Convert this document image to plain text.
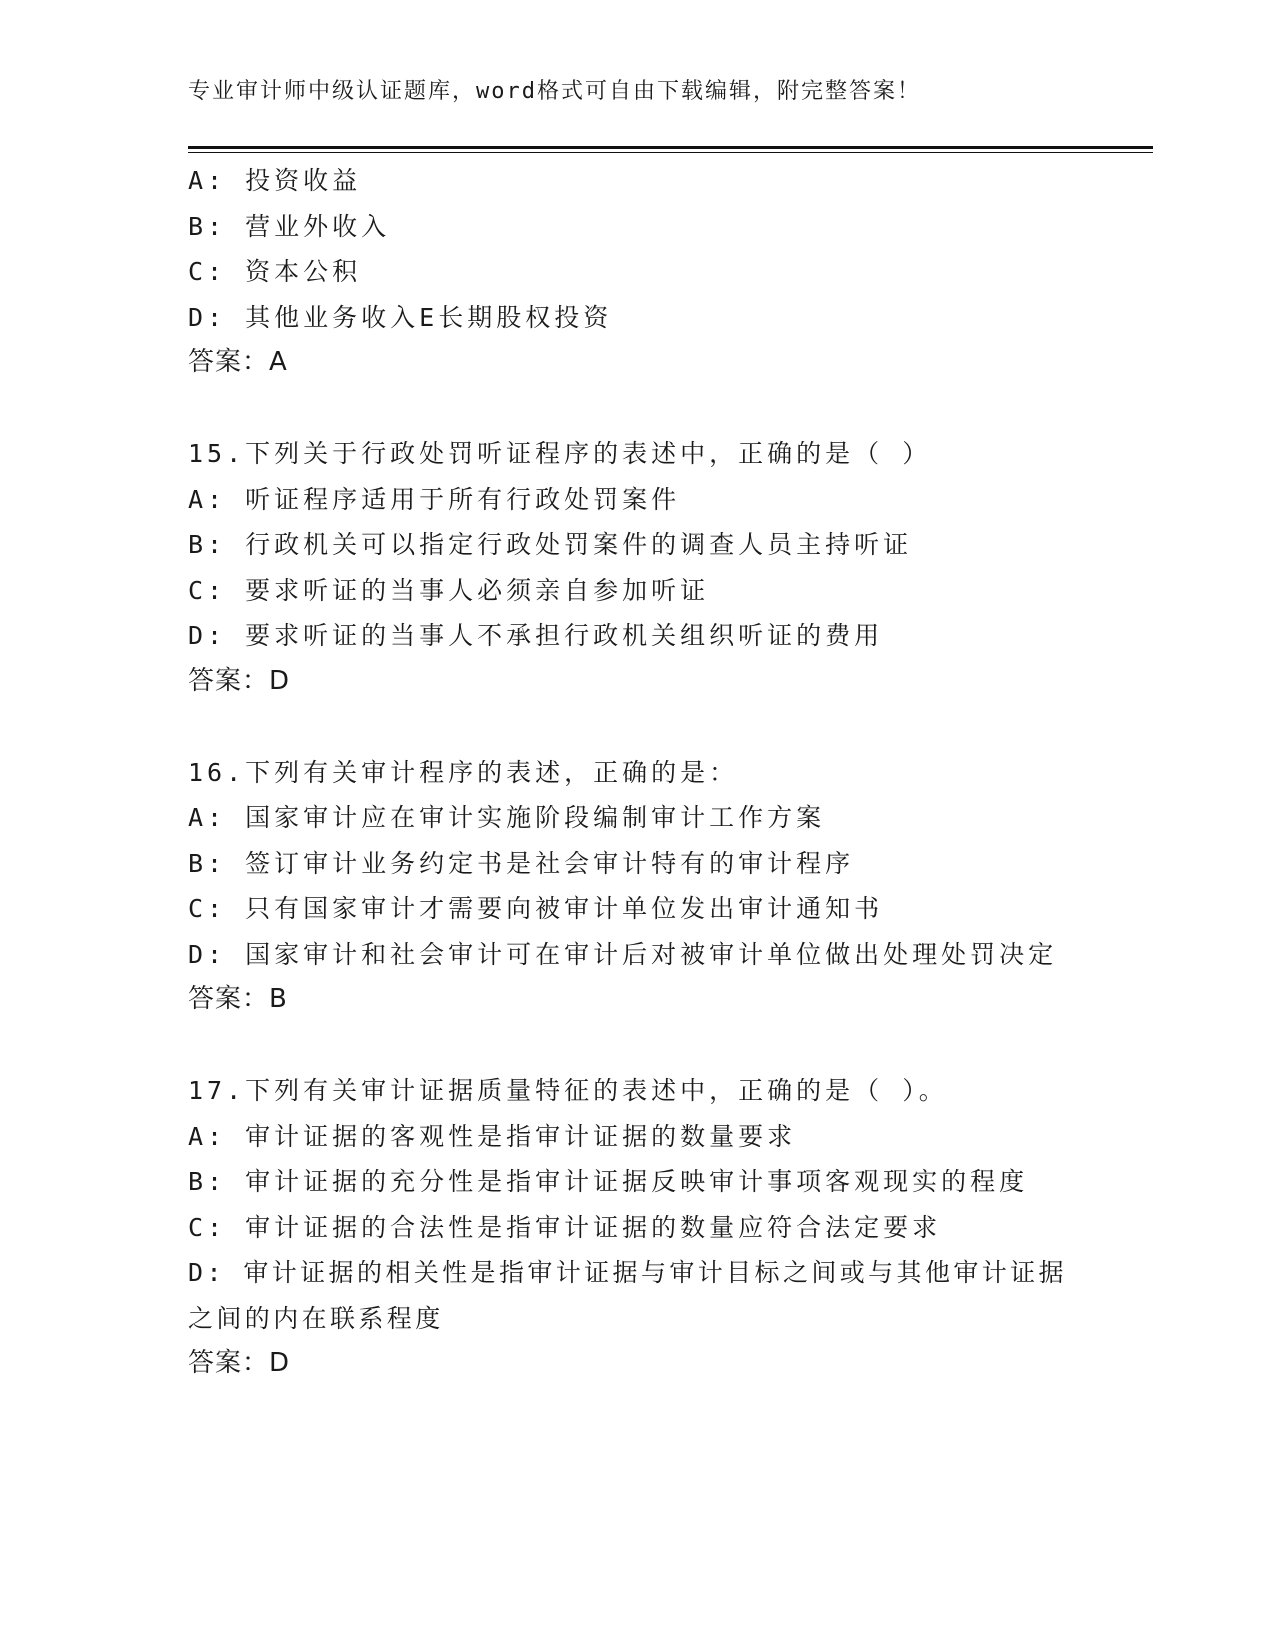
专业审计师中级认证题库，word格式可自由下载编辑，附完整答案！
A: 投资收益
B: 营业外收入
C: 资本公积
D: 其他业务收入E长期股权投资
答案：A
15.下列关于行政处罚听证程序的表述中，正确的是（ ）
A: 听证程序适用于所有行政处罚案件
B: 行政机关可以指定行政处罚案件的调查人员主持听证
C: 要求听证的当事人必须亲自参加听证
D: 要求听证的当事人不承担行政机关组织听证的费用
答案：D
16.下列有关审计程序的表述，正确的是：
A: 国家审计应在审计实施阶段编制审计工作方案
B: 签订审计业务约定书是社会审计特有的审计程序
C: 只有国家审计才需要向被审计单位发出审计通知书
D: 国家审计和社会审计可在审计后对被审计单位做出处理处罚决定
答案：B
17.下列有关审计证据质量特征的表述中，正确的是（ ）。
A: 审计证据的客观性是指审计证据的数量要求
B: 审计证据的充分性是指审计证据反映审计事项客观现实的程度
C: 审计证据的合法性是指审计证据的数量应符合法定要求
D: 审计证据的相关性是指审计证据与审计目标之间或与其他审计证据之间的内在联系程度
答案：D
